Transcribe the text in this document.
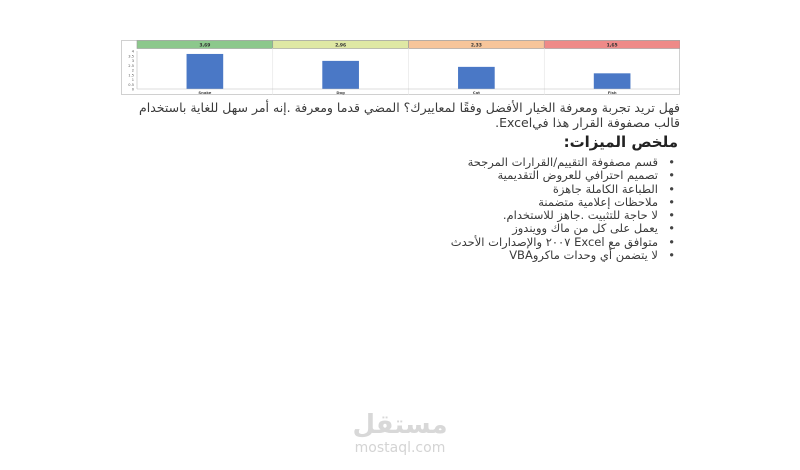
4
3.5
3
2.5
2
1.5
1
0.5
0
3,69
Snake
2,96
Dog
2,33
Cat
1,65
Fish

فهل تريد تجربة ومعرفة الخيار الأفضل وفقًا لمعاييرك؟ المضي قدما ومعرفة .إنه أمر سهل للغاية باستخدام قالب مصفوفة القرار هذا فيExcel.

ملخص الميزات:
•
قسم مصفوفة التقييم/القرارات المرجحة
•
تصميم احترافي للعروض التقديمية
•
الطباعة الكاملة جاهزة
•
ملاحظات إعلامية متضمنة
•
لا حاجة للتثبيت .جاهز للاستخدام.
•
يعمل على كل من ماك وويندوز
•
متوافق مع Excel ٢٠٠٧ والإصدارات الأحدث
•
لا يتضمن أي وحدات ماكروVBA
مستقل
mostaql.com
